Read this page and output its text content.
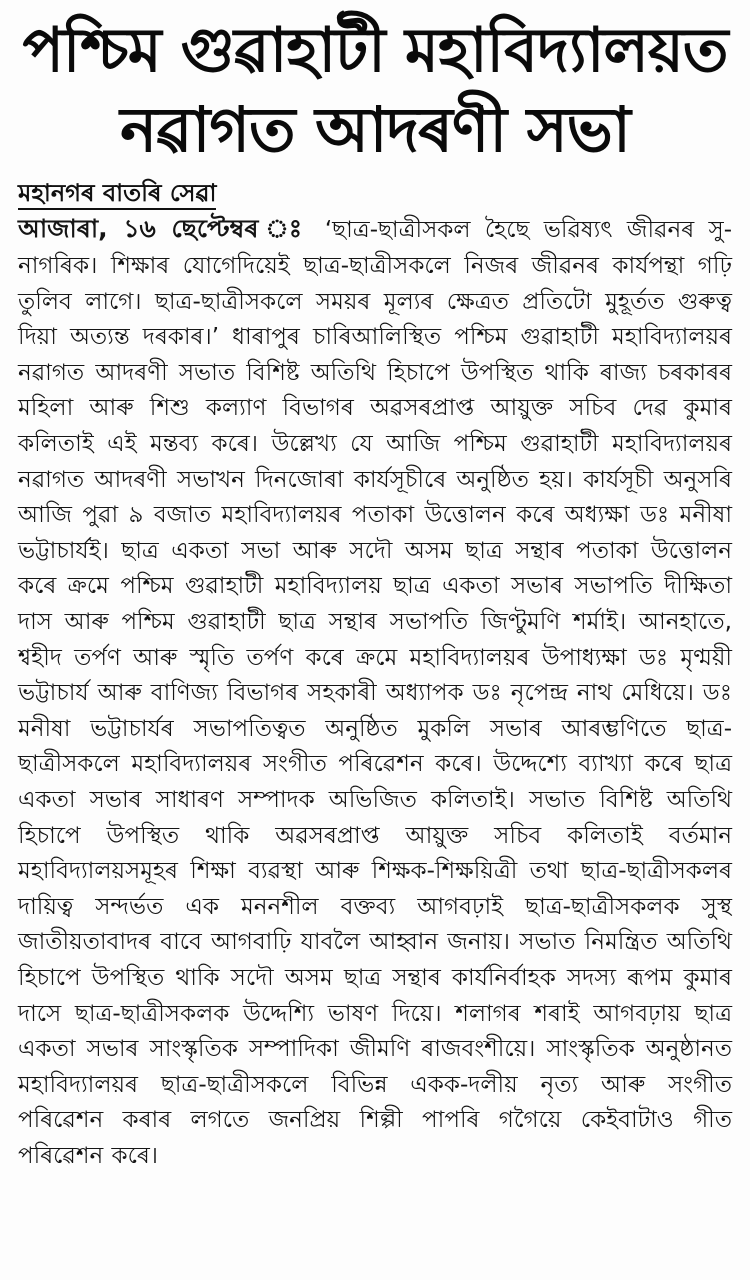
পশ্চিম গুৱাহাটী মহাবিদ্যালয়ত
নৱাগত আদৰণী সভা
মহানগৰ বাতৰি সেৱা

আজাৰা, ১৬ ছেপ্টেম্বৰ ঃ ‘ছাত্ৰ-ছাত্ৰীসকল হৈছে ভৱিষ্যৎ জীৱনৰ সু-নাগৰিক। শিক্ষাৰ যোগেদিয়েই ছাত্ৰ-ছাত্ৰীসকলে নিজৰ জীৱনৰ কাৰ্যপন্থা গঢ়ি তুলিব লাগে। ছাত্ৰ-ছাত্ৰীসকলে সময়ৰ মূল্যৰ ক্ষেত্ৰত প্ৰতিটো মুহূৰ্তত গুৰুত্ব দিয়া অত্যন্ত দৰকাৰ।’ ধাৰাপুৰ চাৰিআলিস্থিত পশ্চিম গুৱাহাটী মহাবিদ্যালয়ৰ নৱাগত আদৰণী সভাত বিশিষ্ট অতিথি হিচাপে উপস্থিত থাকি ৰাজ্য চৰকাৰৰ মহিলা আৰু শিশু কল্যাণ বিভাগৰ অৱসৰপ্ৰাপ্ত আয়ুক্ত সচিব দেৱ কুমাৰ কলিতাই এই মন্তব্য কৰে। উল্লেখ্য যে আজি পশ্চিম গুৱাহাটী মহাবিদ্যালয়ৰ নৱাগত আদৰণী সভাখন দিনজোৰা কাৰ্যসূচীৰে অনুষ্ঠিত হয়। কাৰ্যসূচী অনুসৰি আজি পুৱা ৯ বজাত মহাবিদ্যালয়ৰ পতাকা উত্তোলন কৰে অধ্যক্ষা ডঃ মনীষা ভট্টাচাৰ্যই। ছাত্ৰ একতা সভা আৰু সদৌ অসম ছাত্ৰ সন্থাৰ পতাকা উত্তোলন কৰে ক্ৰমে পশ্চিম গুৱাহাটী মহাবিদ্যালয় ছাত্ৰ একতা সভাৰ সভাপতি দীক্ষিতা দাস আৰু পশ্চিম গুৱাহাটী ছাত্ৰ সন্থাৰ সভাপতি জিণ্টুমণি শৰ্মাই। আনহাতে, শ্বহীদ তৰ্পণ আৰু স্মৃতি তৰ্পণ কৰে ক্ৰমে মহাবিদ্যালয়ৰ উপাধ্যক্ষা ডঃ মৃণ্ময়ী ভট্টাচাৰ্য আৰু বাণিজ্য বিভাগৰ সহকাৰী অধ্যাপক ডঃ নৃপেন্দ্ৰ নাথ মেধিয়ে। ডঃ মনীষা ভট্টাচাৰ্যৰ সভাপতিত্বত অনুষ্ঠিত মুকলি সভাৰ আৰম্ভণিতে ছাত্ৰ-ছাত্ৰীসকলে মহাবিদ্যালয়ৰ সংগীত পৰিৱেশন কৰে। উদ্দেশ্যে ব্যাখ্যা কৰে ছাত্ৰ একতা সভাৰ সাধাৰণ সম্পাদক অভিজিত কলিতাই। সভাত বিশিষ্ট অতিথি হিচাপে উপস্থিত থাকি অৱসৰপ্ৰাপ্ত আয়ুক্ত সচিব কলিতাই বৰ্তমান মহাবিদ্যালয়সমূহৰ শিক্ষা ব্যৱস্থা আৰু শিক্ষক-শিক্ষয়িত্ৰী তথা ছাত্ৰ-ছাত্ৰীসকলৰ দায়িত্ব সন্দৰ্ভত এক মননশীল বক্তব্য আগবঢ়াই ছাত্ৰ-ছাত্ৰীসকলক সুস্থ জাতীয়তাবাদৰ বাবে আগবাঢ়ি যাবলৈ আহ্বান জনায়। সভাত নিমন্ত্ৰিত অতিথি হিচাপে উপস্থিত থাকি সদৌ অসম ছাত্ৰ সন্থাৰ কাৰ্যনিৰ্বাহক সদস্য ৰূপম কুমাৰ দাসে ছাত্ৰ-ছাত্ৰীসকলক উদ্দেশ্যি ভাষণ দিয়ে। শলাগৰ শৰাই আগবঢ়ায় ছাত্ৰ একতা সভাৰ সাংস্কৃতিক সম্পাদিকা জীমণি ৰাজবংশীয়ে। সাংস্কৃতিক অনুষ্ঠানত মহাবিদ্যালয়ৰ ছাত্ৰ-ছাত্ৰীসকলে বিভিন্ন একক-দলীয় নৃত্য আৰু সংগীত পৰিৱেশন কৰাৰ লগতে জনপ্ৰিয় শিল্পী পাপৰি গগৈয়ে কেইবাটাও গীত পৰিৱেশন কৰে।
